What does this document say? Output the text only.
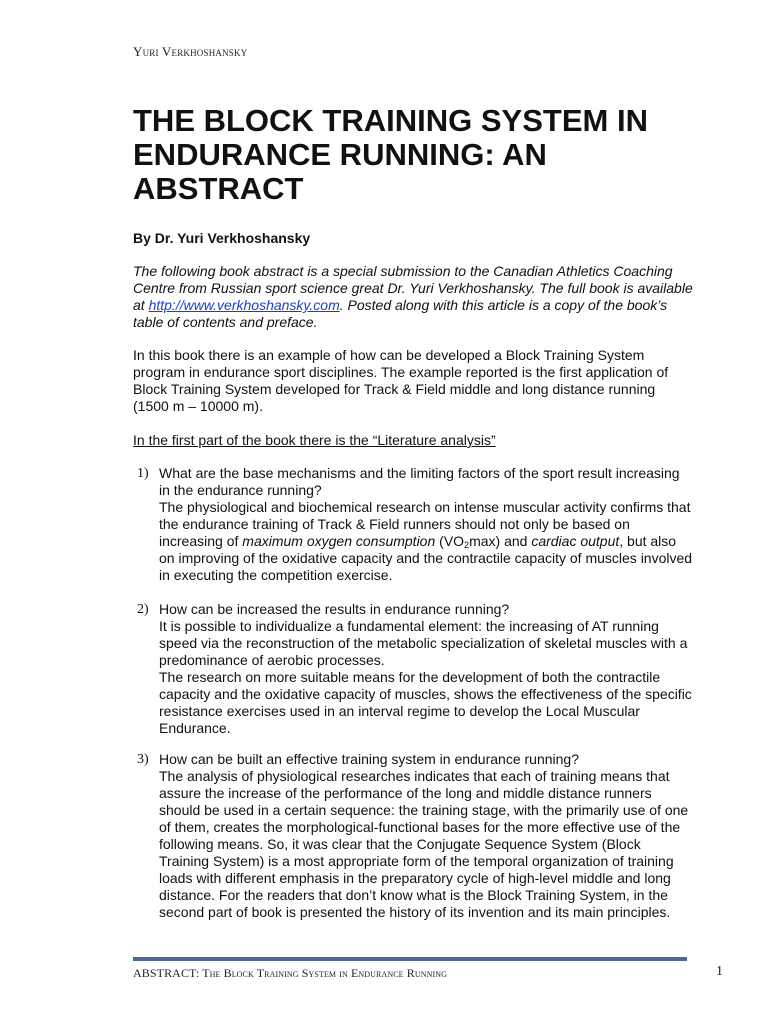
Yuri Verkhoshansky
THE BLOCK TRAINING SYSTEM IN ENDURANCE RUNNING: AN ABSTRACT

By Dr. Yuri Verkhoshansky

The following book abstract is a special submission to the Canadian Athletics Coaching Centre from Russian sport science great Dr. Yuri Verkhoshansky. The full book is available at http://www.verkhoshansky.com. Posted along with this article is a copy of the book’s table of contents and preface.

In this book there is an example of how can be developed a Block Training System program in endurance sport disciplines. The example reported is the first application of Block Training System developed for Track & Field middle and long distance running (1500 m – 10000 m).

In the first part of the book there is the “Literature analysis”

1) What are the base mechanisms and the limiting factors of the sport result increasing in the endurance running?

The physiological and biochemical research on intense muscular activity confirms that the endurance training of Track & Field runners should not only be based on increasing of maximum oxygen consumption $(VO_2\max)$ and cardiac output, but also on improving of the oxidative capacity and the contractile capacity of muscles involved in executing the competition exercise.

2) How can be increased the results in endurance running?

It is possible to individualize a fundamental element: the increasing of AT running speed via the reconstruction of the metabolic specialization of skeletal muscles with a predominance of aerobic processes.

The research on more suitable means for the development of both the contractile capacity and the oxidative capacity of muscles, shows the effectiveness of the specific resistance exercises used in an interval regime to develop the Local Muscular Endurance.

3) How can be built an effective training system in endurance running?

The analysis of physiological researches indicates that each of training means that assure the increase of the performance of the long and middle distance runners should be used in a certain sequence: the training stage, with the primarily use of one of them, creates the morphological-functional bases for the more effective use of the following means. So, it was clear that the Conjugate Sequence System (Block Training System) is a most appropriate form of the temporal organization of training loads with different emphasis in the preparatory cycle of high-level middle and long distance. For the readers that don’t know what is the Block Training System, in the second part of book is presented the history of its invention and its main principles.

ABSTRACT: The Block Training System in Endurance Running	1
